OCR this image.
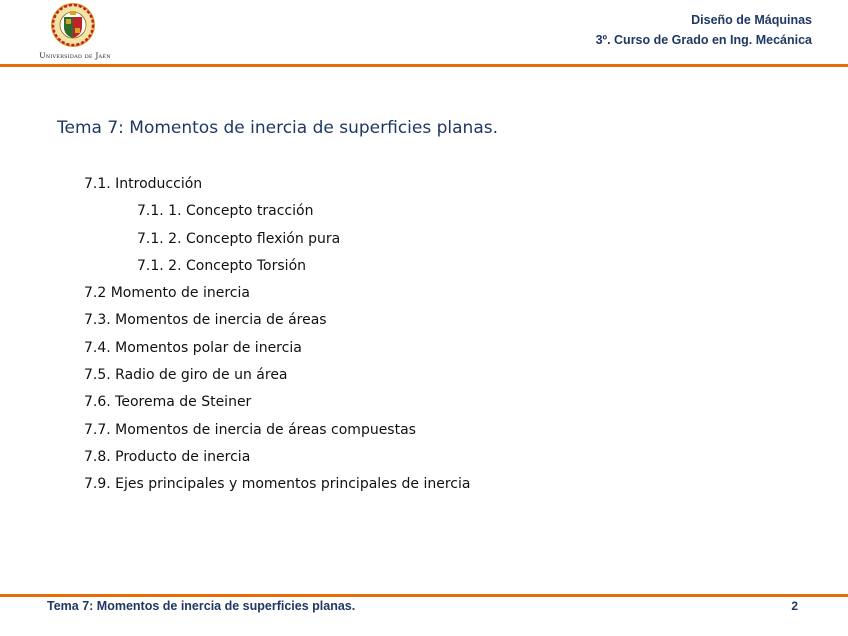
Universidad de Jaén
Diseño de Máquinas
3º. Curso de Grado en Ing. Mecánica
Tema 7: Momentos de inercia de superficies planas.
7.1. Introducción
7.1. 1. Concepto tracción
7.1. 2. Concepto flexión pura
7.1. 2. Concepto Torsión
7.2 Momento de inercia
7.3. Momentos de inercia de áreas
7.4. Momentos polar de inercia
7.5. Radio de giro de un área
7.6. Teorema de Steiner
7.7. Momentos de inercia de áreas compuestas
7.8. Producto de inercia
7.9. Ejes principales y momentos principales de inercia
Tema 7: Momentos de inercia de superficies planas.	2
